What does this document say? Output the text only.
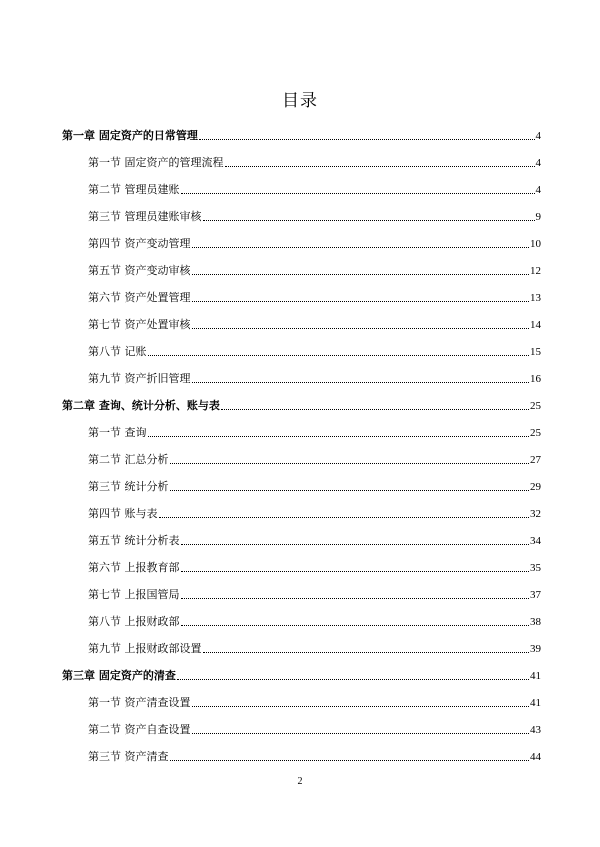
目录
第一章 固定资产的日常管理	4
第一节 固定资产的管理流程	4
第二节 管理员建账	4
第三节 管理员建账审核	9
第四节 资产变动管理	10
第五节 资产变动审核	12
第六节 资产处置管理	13
第七节 资产处置审核	14
第八节 记账	15
第九节 资产折旧管理	16
第二章 查询、统计分析、账与表	25
第一节 查询	25
第二节 汇总分析	27
第三节 统计分析	29
第四节 账与表	32
第五节 统计分析表	34
第六节 上报教育部	35
第七节 上报国管局	37
第八节 上报财政部	38
第九节 上报财政部设置	39
第三章 固定资产的清查	41
第一节 资产清查设置	41
第二节 资产自查设置	43
第三节 资产清查	44
2
